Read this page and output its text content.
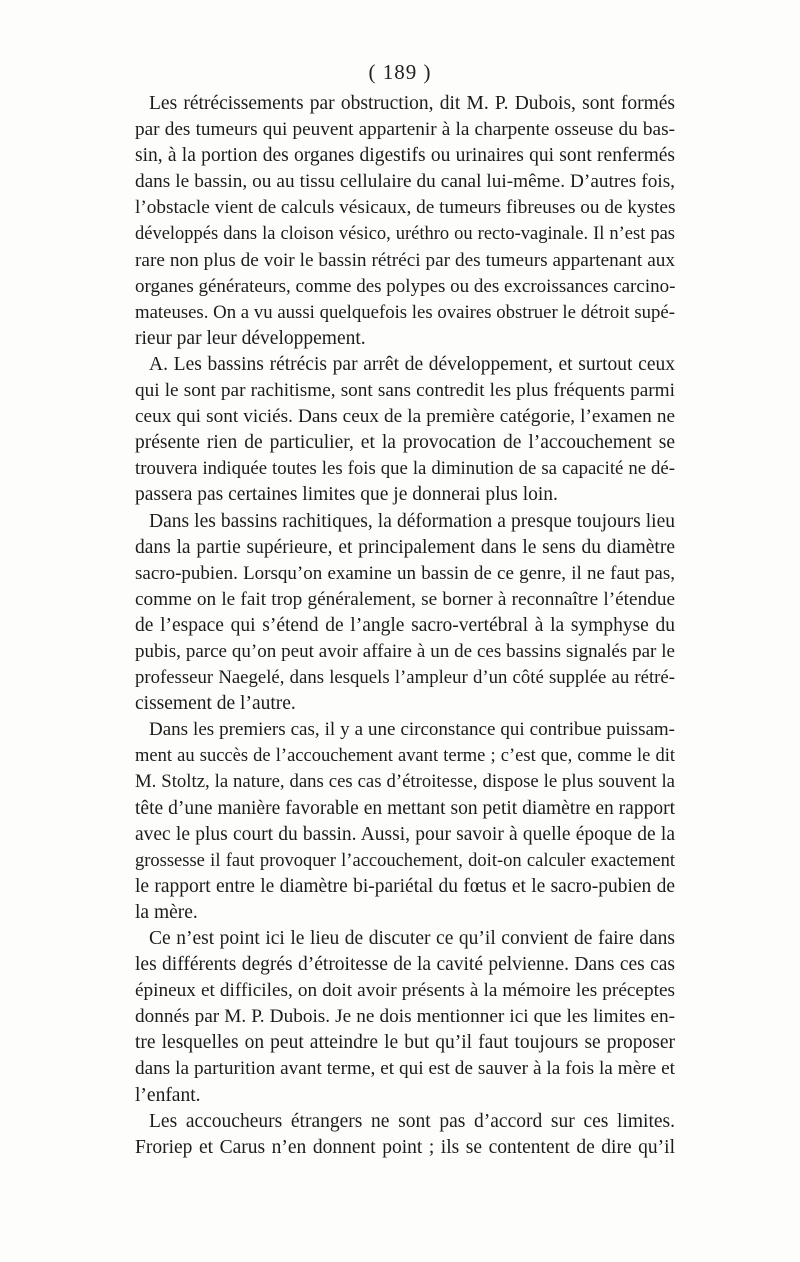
( 189 )
Les rétrécissements par obstruction, dit M. P. Dubois, sont formés
par des tumeurs qui peuvent appartenir à la charpente osseuse du bas-
sin, à la portion des organes digestifs ou urinaires qui sont renfermés
dans le bassin, ou au tissu cellulaire du canal lui-même. D’autres fois,
l’obstacle vient de calculs vésicaux, de tumeurs fibreuses ou de kystes
développés dans la cloison vésico, uréthro ou recto-vaginale. Il n’est pas
rare non plus de voir le bassin rétréci par des tumeurs appartenant aux
organes générateurs, comme des polypes ou des excroissances carcino-
mateuses. On a vu aussi quelquefois les ovaires obstruer le détroit supé-
rieur par leur développement.
A. Les bassins rétrécis par arrêt de développement, et surtout ceux
qui le sont par rachitisme, sont sans contredit les plus fréquents parmi
ceux qui sont viciés. Dans ceux de la première catégorie, l’examen ne
présente rien de particulier, et la provocation de l’accouchement se
trouvera indiquée toutes les fois que la diminution de sa capacité ne dé-
passera pas certaines limites que je donnerai plus loin.
Dans les bassins rachitiques, la déformation a presque toujours lieu
dans la partie supérieure, et principalement dans le sens du diamètre
sacro-pubien. Lorsqu’on examine un bassin de ce genre, il ne faut pas,
comme on le fait trop généralement, se borner à reconnaître l’étendue
de l’espace qui s’étend de l’angle sacro-vertébral à la symphyse du
pubis, parce qu’on peut avoir affaire à un de ces bassins signalés par le
professeur Naegelé, dans lesquels l’ampleur d’un côté supplée au rétré-
cissement de l’autre.
Dans les premiers cas, il y a une circonstance qui contribue puissam-
ment au succès de l’accouchement avant terme ; c’est que, comme le dit
M. Stoltz, la nature, dans ces cas d’étroitesse, dispose le plus souvent la
tête d’une manière favorable en mettant son petit diamètre en rapport
avec le plus court du bassin. Aussi, pour savoir à quelle époque de la
grossesse il faut provoquer l’accouchement, doit-on calculer exactement
le rapport entre le diamètre bi-pariétal du fœtus et le sacro-pubien de
la mère.
Ce n’est point ici le lieu de discuter ce qu’il convient de faire dans
les différents degrés d’étroitesse de la cavité pelvienne. Dans ces cas
épineux et difficiles, on doit avoir présents à la mémoire les préceptes
donnés par M. P. Dubois. Je ne dois mentionner ici que les limites en-
tre lesquelles on peut atteindre le but qu’il faut toujours se proposer
dans la parturition avant terme, et qui est de sauver à la fois la mère et
l’enfant.
Les accoucheurs étrangers ne sont pas d’accord sur ces limites.
Froriep et Carus n’en donnent point ; ils se contentent de dire qu’il
